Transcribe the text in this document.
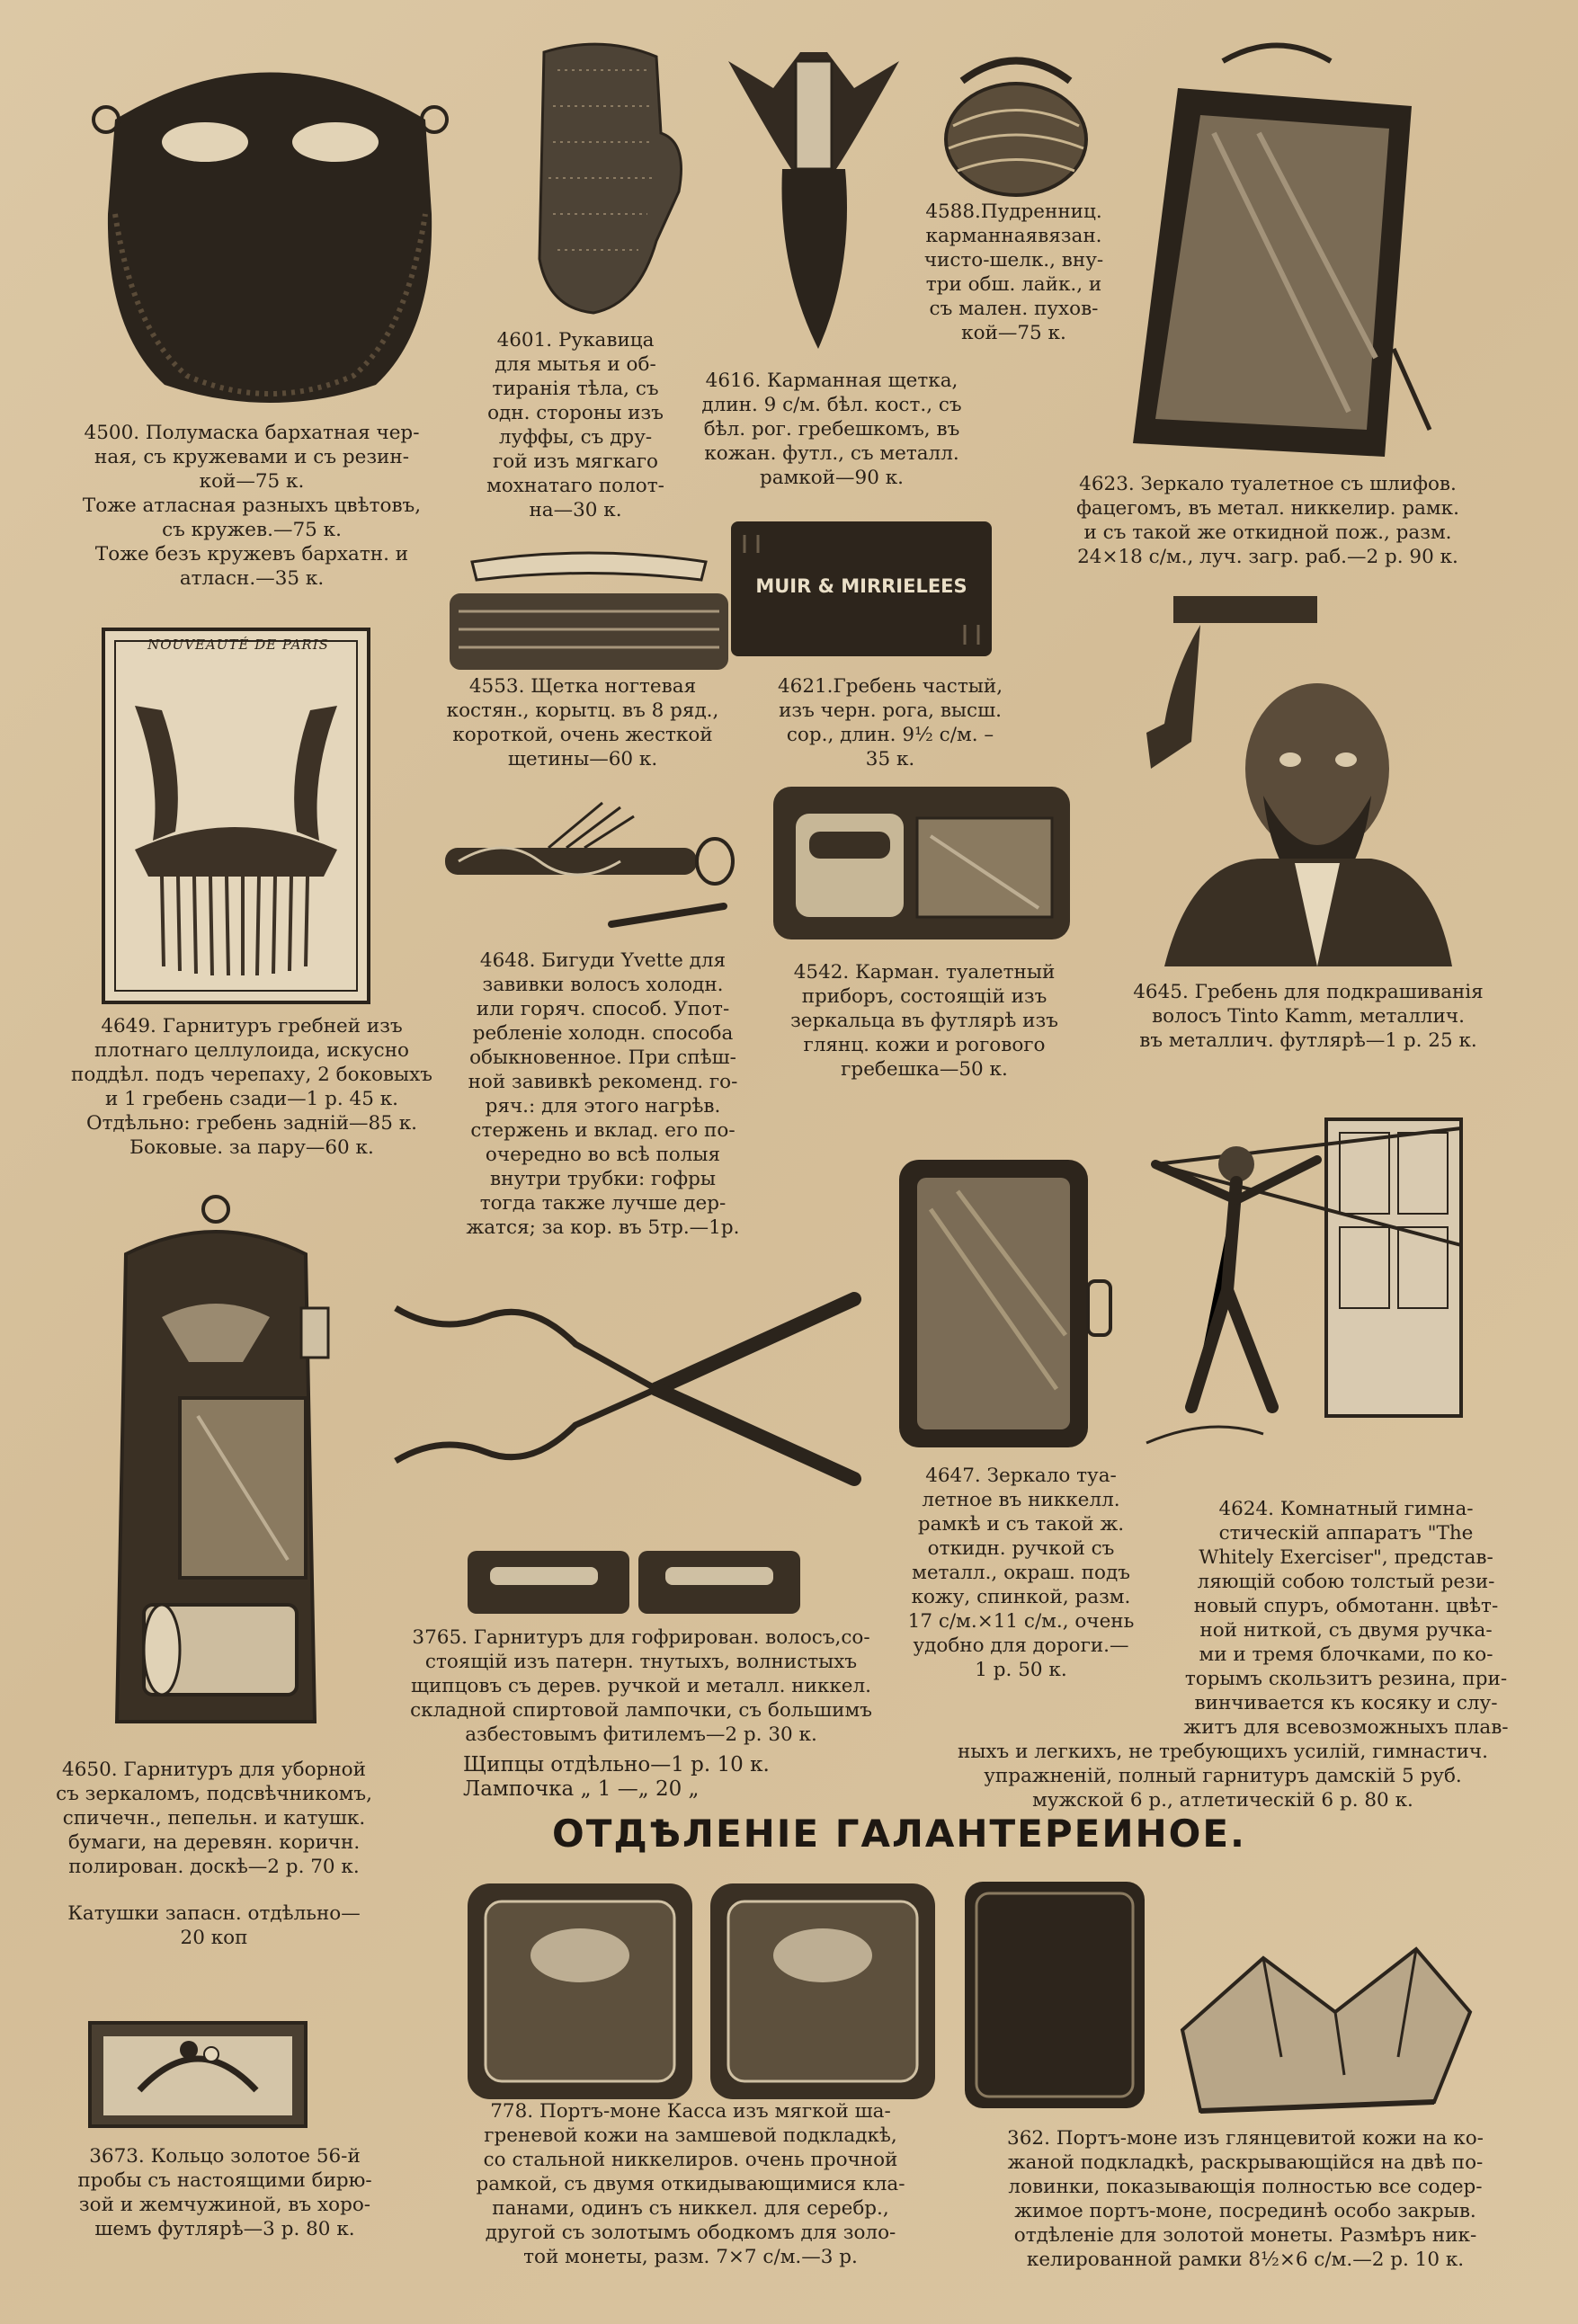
4500. Полумаска бархатная чер-
ная, съ кружевами и съ резин-
кой—75 к.
Тоже атласная разныхъ цвѣтовъ,
съ кружев.—75 к.
Тоже безъ кружевъ бархатн. и
атласн.—35 к.
4601. Рукавица
для мытья и об-
тиранія тѣла, съ
одн. стороны изъ
луффы, съ дру-
гой изъ мягкаго
мохнатаго полот-
на—30 к.
4616. Карманная щетка,
длин. 9 с/м. бѣл. кост., съ
бѣл. рог. гребешкомъ, въ
кожан. футл., съ металл.
рамкой—90 к.
4588.Пудренниц.
карманнаявязан.
чисто-шелк., вну-
три обш. лайк., и
съ мален. пухов-
кой—75 к.
4623. Зеркало туалетное съ шлифов.
фацегомъ, въ метал. никкелир. рамк.
и съ такой же откидной пож., разм.
24×18 с/м., луч. загр. раб.—2 р. 90 к.
NOUVEAUTÉ DE PARIS
MUIR & MIRRIELEES
4553. Щетка ногтевая
костян., корытц. въ 8 ряд.,
короткой, очень жесткой
щетины—60 к.
4621.Гребень частый,
изъ черн. рога, высш.
сор., длин. 9½ с/м. –
35 к.
4649. Гарнитуръ гребней изъ
плотнаго целлулоида, искусно
поддѣл. подъ черепаху, 2 боковыхъ
и 1 гребень сзади—1 р. 45 к.
Отдѣльно: гребень задній—85 к.
Боковые. за пару—60 к.
4648. Бигуди Yvette для
завивки волосъ холодн.
или горяч. способ. Упот-
ребленіе холодн. способа
обыкновенное. При спѣш-
ной завивкѣ рекоменд. го-
ряч.: для этого нагрѣв.
стержень и вклад. его по-
очередно во всѣ полыя
внутри трубки: гофры
тогда также лучше дер-
жатся; за кор. въ 5тр.—1р.
4542. Карман. туалетный
приборъ, состоящій изъ
зеркальца въ футлярѣ изъ
глянц. кожи и рогового
гребешка—50 к.
4645. Гребень для подкрашиванія
волосъ Tinto Kamm, металлич.
въ металлич. футлярѣ—1 р. 25 к.
4647. Зеркало туа-
летное въ никкелл.
рамкѣ и съ такой ж.
откидн. ручкой съ
металл., окраш. подъ
кожу, спинкой, разм.
17 с/м.×11 с/м., очень
удобно для дороги.—
1 р. 50 к.
4624. Комнатный гимна-
стическій аппаратъ "The
Whitely Exerciser", представ-
ляющій собою толстый рези-
новый спуръ, обмотанн. цвѣт-
ной ниткой, съ двумя ручка-
ми и тремя блочками, по ко-
торымъ скользитъ резина, при-
винчивается къ косяку и слу-
житъ для всевозможныхъ плав-
ныхъ и легкихъ, не требующихъ усилій, гимнастич.
упражненій, полный гарнитуръ дамскій 5 руб.
мужской 6 р., атлетическій 6 р. 80 к.
3765. Гарнитуръ для гофрирован. волосъ,со-
стоящій изъ патерн. тнутыхъ, волнистыхъ
щипцовъ съ дерев. ручкой и металл. никкел.
складной спиртовой лампочки, съ большимъ
азбестовымъ фитилемъ—2 р. 30 к.
Щипцы отдѣльно—1 р. 10 к.
Лампочка „ 1 —„ 20 „
4650. Гарнитуръ для уборной
съ зеркаломъ, подсвѣчникомъ,
спичечн., пепельн. и катушк.
бумаги, на деревян. коричн.
полирован. доскѣ—2 р. 70 к.
Катушки запасн. отдѣльно—
20 коп
ОТДѢЛЕНIЕ ГАЛАНТЕРЕИНОЕ.
3673. Кольцо золотое 56-й
пробы съ настоящими бирю-
зой и жемчужиной, въ хоро-
шемъ футлярѣ—3 р. 80 к.
778. Портъ-моне Касса изъ мягкой ша-
греневой кожи на замшевой подкладкѣ,
со стальной никкелиров. очень прочной
рамкой, съ двумя откидывающимися кла-
панами, одинъ съ никкел. для серебр.,
другой съ золотымъ ободкомъ для золо-
той монеты, разм. 7×7 с/м.—3 р.
362. Портъ-моне изъ глянцевитой кожи на ко-
жаной подкладкѣ, раскрывающійся на двѣ по-
ловинки, показывающія полностью все содер-
жимое портъ-моне, посрединѣ особо закрыв.
отдѣленіе для золотой монеты. Размѣръ ник-
келированной рамки 8½×6 с/м.—2 р. 10 к.
